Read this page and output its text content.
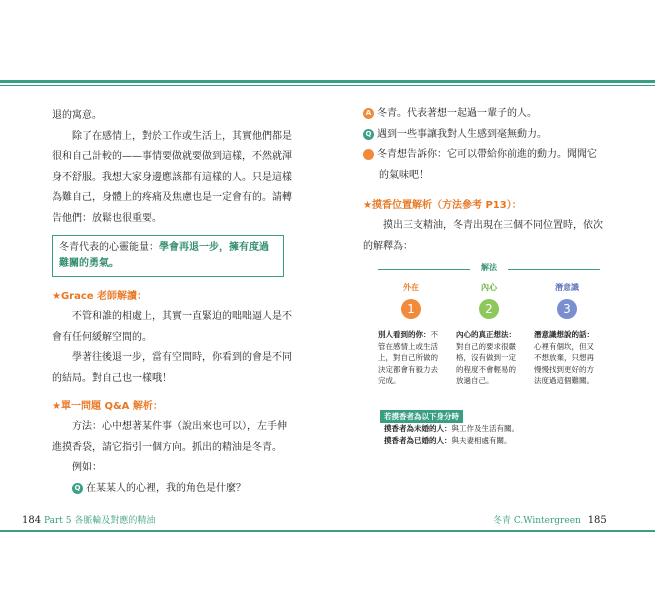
退的寓意。

除了在感情上，對於工作或生活上，其實他們都是很和自己計較的——事情要做就要做到這樣，不然就渾身不舒服。我想大家身邊應該都有這樣的人。只是這樣為難自己，身體上的疼痛及焦慮也是一定會有的。請轉告他們：放鬆也很重要。

冬青代表的心靈能量：學會再退一步，擁有度過難關的勇氣。

★Grace 老師解讀：

不管和誰的相處上，其實一直緊迫的咄咄逼人是不會有任何緩解空間的。

學著往後退一步，當有空間時，你看到的會是不同的結局。對自己也一樣哦！

★單一問題 Q&A 解析：

方法：心中想著某件事（說出來也可以），左手伸進摸香袋，請它指引一個方向。抓出的精油是冬青。

例如：

Q 在某某人的心裡，我的角色是什麼？

A 冬青。代表著想一起過一輩子的人。

Q 遇到一些事讓我對人生感到毫無動力。

A 冬青想告訴你：它可以帶給你前進的動力。聞聞它的氣味吧！

★摸香位置解析（方法參考 P13）：

摸出三支精油，冬青出現在三個不同位置時，依次的解釋為：

解法
外在
1
別人看到的你：不管在感情上或生活上，對自己所做的決定都會有毅力去完成。
內心
2
內心的真正想法：對自己的要求很嚴格，沒有做到一定的程度不會輕易的放過自己。
潛意識
3
潛意識想說的話：心裡有個坎，但又不想放棄，只想再慢慢找到更好的方法度過這個難關。
若摸香者為以下身分時

摸香者為未婚的人：與工作及生活有關。

摸香者為已婚的人：與夫妻相處有關。

184 Part 5 各脈輪及對應的精油	冬青 C.Wintergreen 185
